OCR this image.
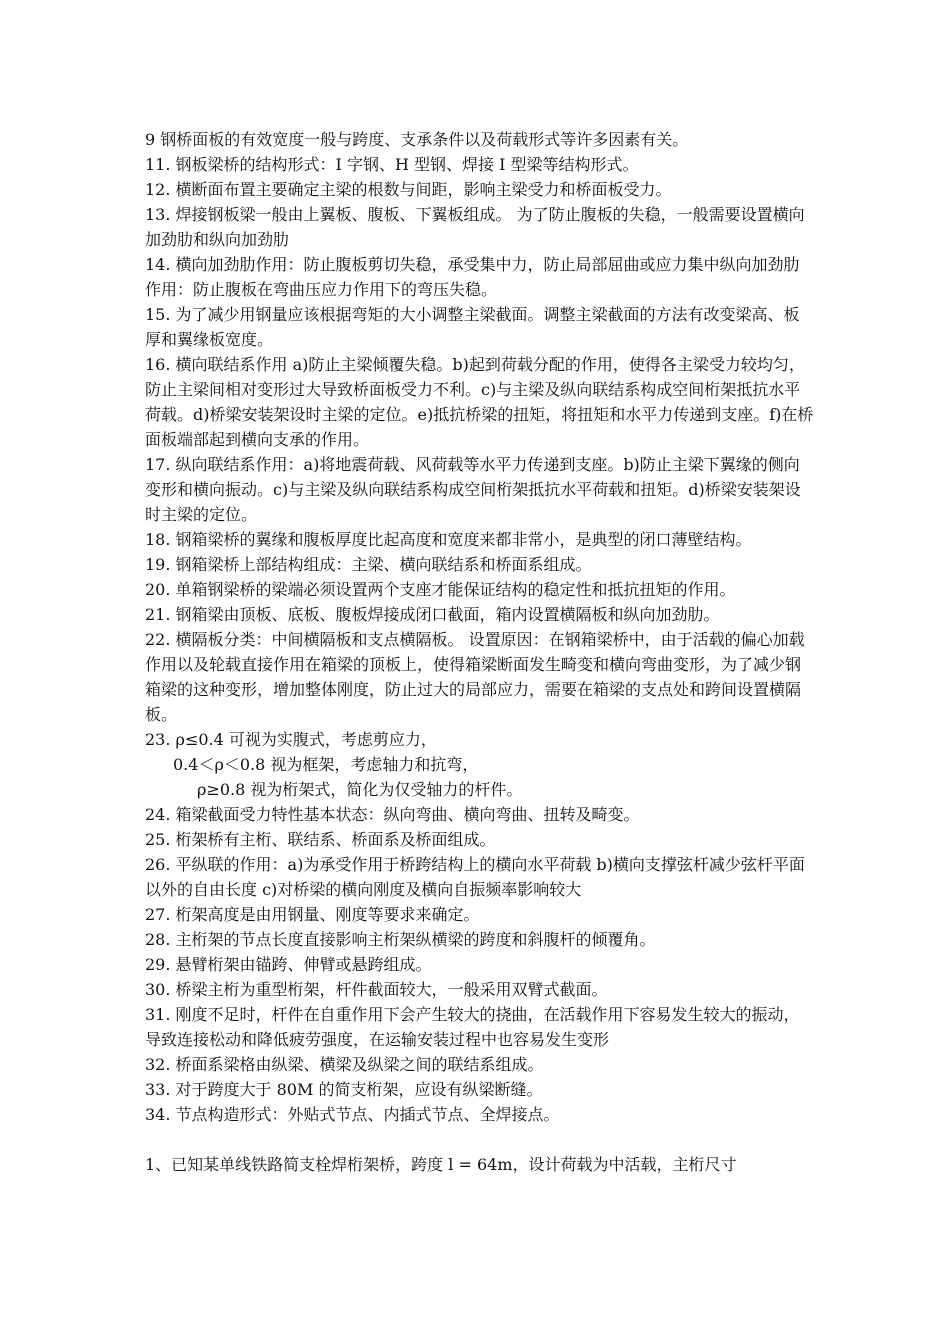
9 钢桥面板的有效宽度一般与跨度、支承条件以及荷载形式等许多因素有关。

11. 钢板梁桥的结构形式：I 字钢、H 型钢、焊接 I 型梁等结构形式。

12. 横断面布置主要确定主梁的根数与间距，影响主梁受力和桥面板受力。

13. 焊接钢板梁一般由上翼板、腹板、下翼板组成。 为了防止腹板的失稳，一般需要设置横向加劲肋和纵向加劲肋

14. 横向加劲肋作用：防止腹板剪切失稳，承受集中力，防止局部屈曲或应力集中纵向加劲肋作用：防止腹板在弯曲压应力作用下的弯压失稳。

15. 为了减少用钢量应该根据弯矩的大小调整主梁截面。调整主梁截面的方法有改变梁高、板厚和翼缘板宽度。

16. 横向联结系作用 a)防止主梁倾覆失稳。b)起到荷载分配的作用，使得各主梁受力较均匀，防止主梁间相对变形过大导致桥面板受力不利。c)与主梁及纵向联结系构成空间桁架抵抗水平荷载。d)桥梁安装架设时主梁的定位。e)抵抗桥梁的扭矩，将扭矩和水平力传递到支座。f)在桥面板端部起到横向支承的作用。

17. 纵向联结系作用：a)将地震荷载、风荷载等水平力传递到支座。b)防止主梁下翼缘的侧向变形和横向振动。c)与主梁及纵向联结系构成空间桁架抵抗水平荷载和扭矩。d)桥梁安装架设时主梁的定位。

18. 钢箱梁桥的翼缘和腹板厚度比起高度和宽度来都非常小，是典型的闭口薄壁结构。

19. 钢箱梁桥上部结构组成：主梁、横向联结系和桥面系组成。

20. 单箱钢梁桥的梁端必须设置两个支座才能保证结构的稳定性和抵抗扭矩的作用。

21. 钢箱梁由顶板、底板、腹板焊接成闭口截面，箱内设置横隔板和纵向加劲肋。

22. 横隔板分类：中间横隔板和支点横隔板。 设置原因：在钢箱梁桥中，由于活载的偏心加载作用以及轮载直接作用在箱梁的顶板上，使得箱梁断面发生畸变和横向弯曲变形，为了减少钢箱梁的这种变形，增加整体刚度，防止过大的局部应力，需要在箱梁的支点处和跨间设置横隔板。

23. ρ≤0.4 可视为实腹式，考虑剪应力，

0.4＜ρ＜0.8 视为框架，考虑轴力和抗弯，

ρ≥0.8 视为桁架式，简化为仅受轴力的杆件。

24. 箱梁截面受力特性基本状态：纵向弯曲、横向弯曲、扭转及畸变。

25. 桁架桥有主桁、联结系、桥面系及桥面组成。

26. 平纵联的作用：a)为承受作用于桥跨结构上的横向水平荷载 b)横向支撑弦杆减少弦杆平面以外的自由长度 c)对桥梁的横向刚度及横向自振频率影响较大

27. 桁架高度是由用钢量、刚度等要求来确定。

28. 主桁架的节点长度直接影响主桁架纵横梁的跨度和斜腹杆的倾覆角。

29. 悬臂桁架由锚跨、伸臂或悬跨组成。

30. 桥梁主桁为重型桁架，杆件截面较大，一般采用双臂式截面。

31. 刚度不足时，杆件在自重作用下会产生较大的挠曲，在活载作用下容易发生较大的振动，导致连接松动和降低疲劳强度，在运输安装过程中也容易发生变形

32. 桥面系梁格由纵梁、横梁及纵梁之间的联结系组成。

33. 对于跨度大于 80M 的简支桁架，应设有纵梁断缝。

34. 节点构造形式：外贴式节点、内插式节点、全焊接点。

1、已知某单线铁路简支栓焊桁架桥，跨度 l = 64m，设计荷载为中活载，主桁尺寸
